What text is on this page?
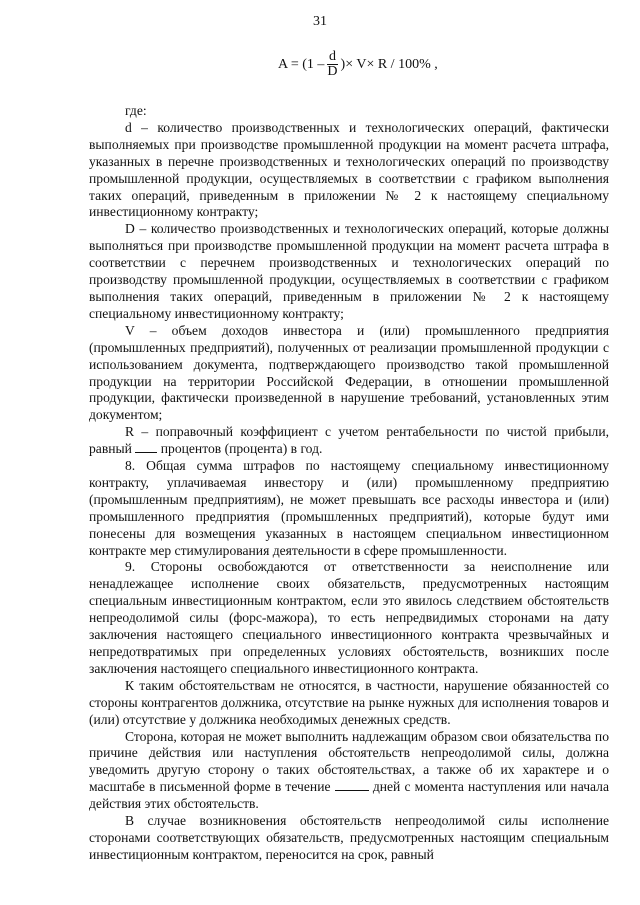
31
$A = (1 - \frac{d}{D}$ )× V× R / 100% ,

где:

d – количество производственных и технологических операций, фактически выполняемых при производстве промышленной продукции на момент расчета штрафа, указанных в перечне производственных и технологических операций по производству промышленной продукции, осуществляемых в соответствии с графиком выполнения таких операций, приведенным в приложении № 2 к настоящему специальному инвестиционному контракту;

D – количество производственных и технологических операций, которые должны выполняться при производстве промышленной продукции на момент расчета штрафа в соответствии с перечнем производственных и технологических операций по производству промышленной продукции, осуществляемых в соответствии с графиком выполнения таких операций, приведенным в приложении № 2 к настоящему специальному инвестиционному контракту;

V – объем доходов инвестора и (или) промышленного предприятия (промышленных предприятий), полученных от реализации промышленной продукции с использованием документа, подтверждающего производство такой промышленной продукции на территории Российской Федерации, в отношении промышленной продукции, фактически произведенной в нарушение требований, установленных этим документом;

R – поправочный коэффициент с учетом рентабельности по чистой прибыли, равный процентов (процента) в год.

8. Общая сумма штрафов по настоящему специальному инвестиционному контракту, уплачиваемая инвестору и (или) промышленному предприятию (промышленным предприятиям), не может превышать все расходы инвестора и (или) промышленного предприятия (промышленных предприятий), которые будут ими понесены для возмещения указанных в настоящем специальном инвестиционном контракте мер стимулирования деятельности в сфере промышленности.

9. Стороны освобождаются от ответственности за неисполнение или ненадлежащее исполнение своих обязательств, предусмотренных настоящим специальным инвестиционным контрактом, если это явилось следствием обстоятельств непреодолимой силы (форс-мажора), то есть непредвидимых сторонами на дату заключения настоящего специального инвестиционного контракта чрезвычайных и непредотвратимых при определенных условиях обстоятельств, возникших после заключения настоящего специального инвестиционного контракта.

К таким обстоятельствам не относятся, в частности, нарушение обязанностей со стороны контрагентов должника, отсутствие на рынке нужных для исполнения товаров и (или) отсутствие у должника необходимых денежных средств.

Сторона, которая не может выполнить надлежащим образом свои обязательства по причине действия или наступления обстоятельств непреодолимой силы, должна уведомить другую сторону о таких обстоятельствах, а также об их характере и о масштабе в письменной форме в течение	дней с момента наступления или начала действия этих обстоятельств.

В случае возникновения обстоятельств непреодолимой силы исполнение сторонами соответствующих обязательств, предусмотренных настоящим специальным инвестиционным контрактом, переносится на срок, равный
